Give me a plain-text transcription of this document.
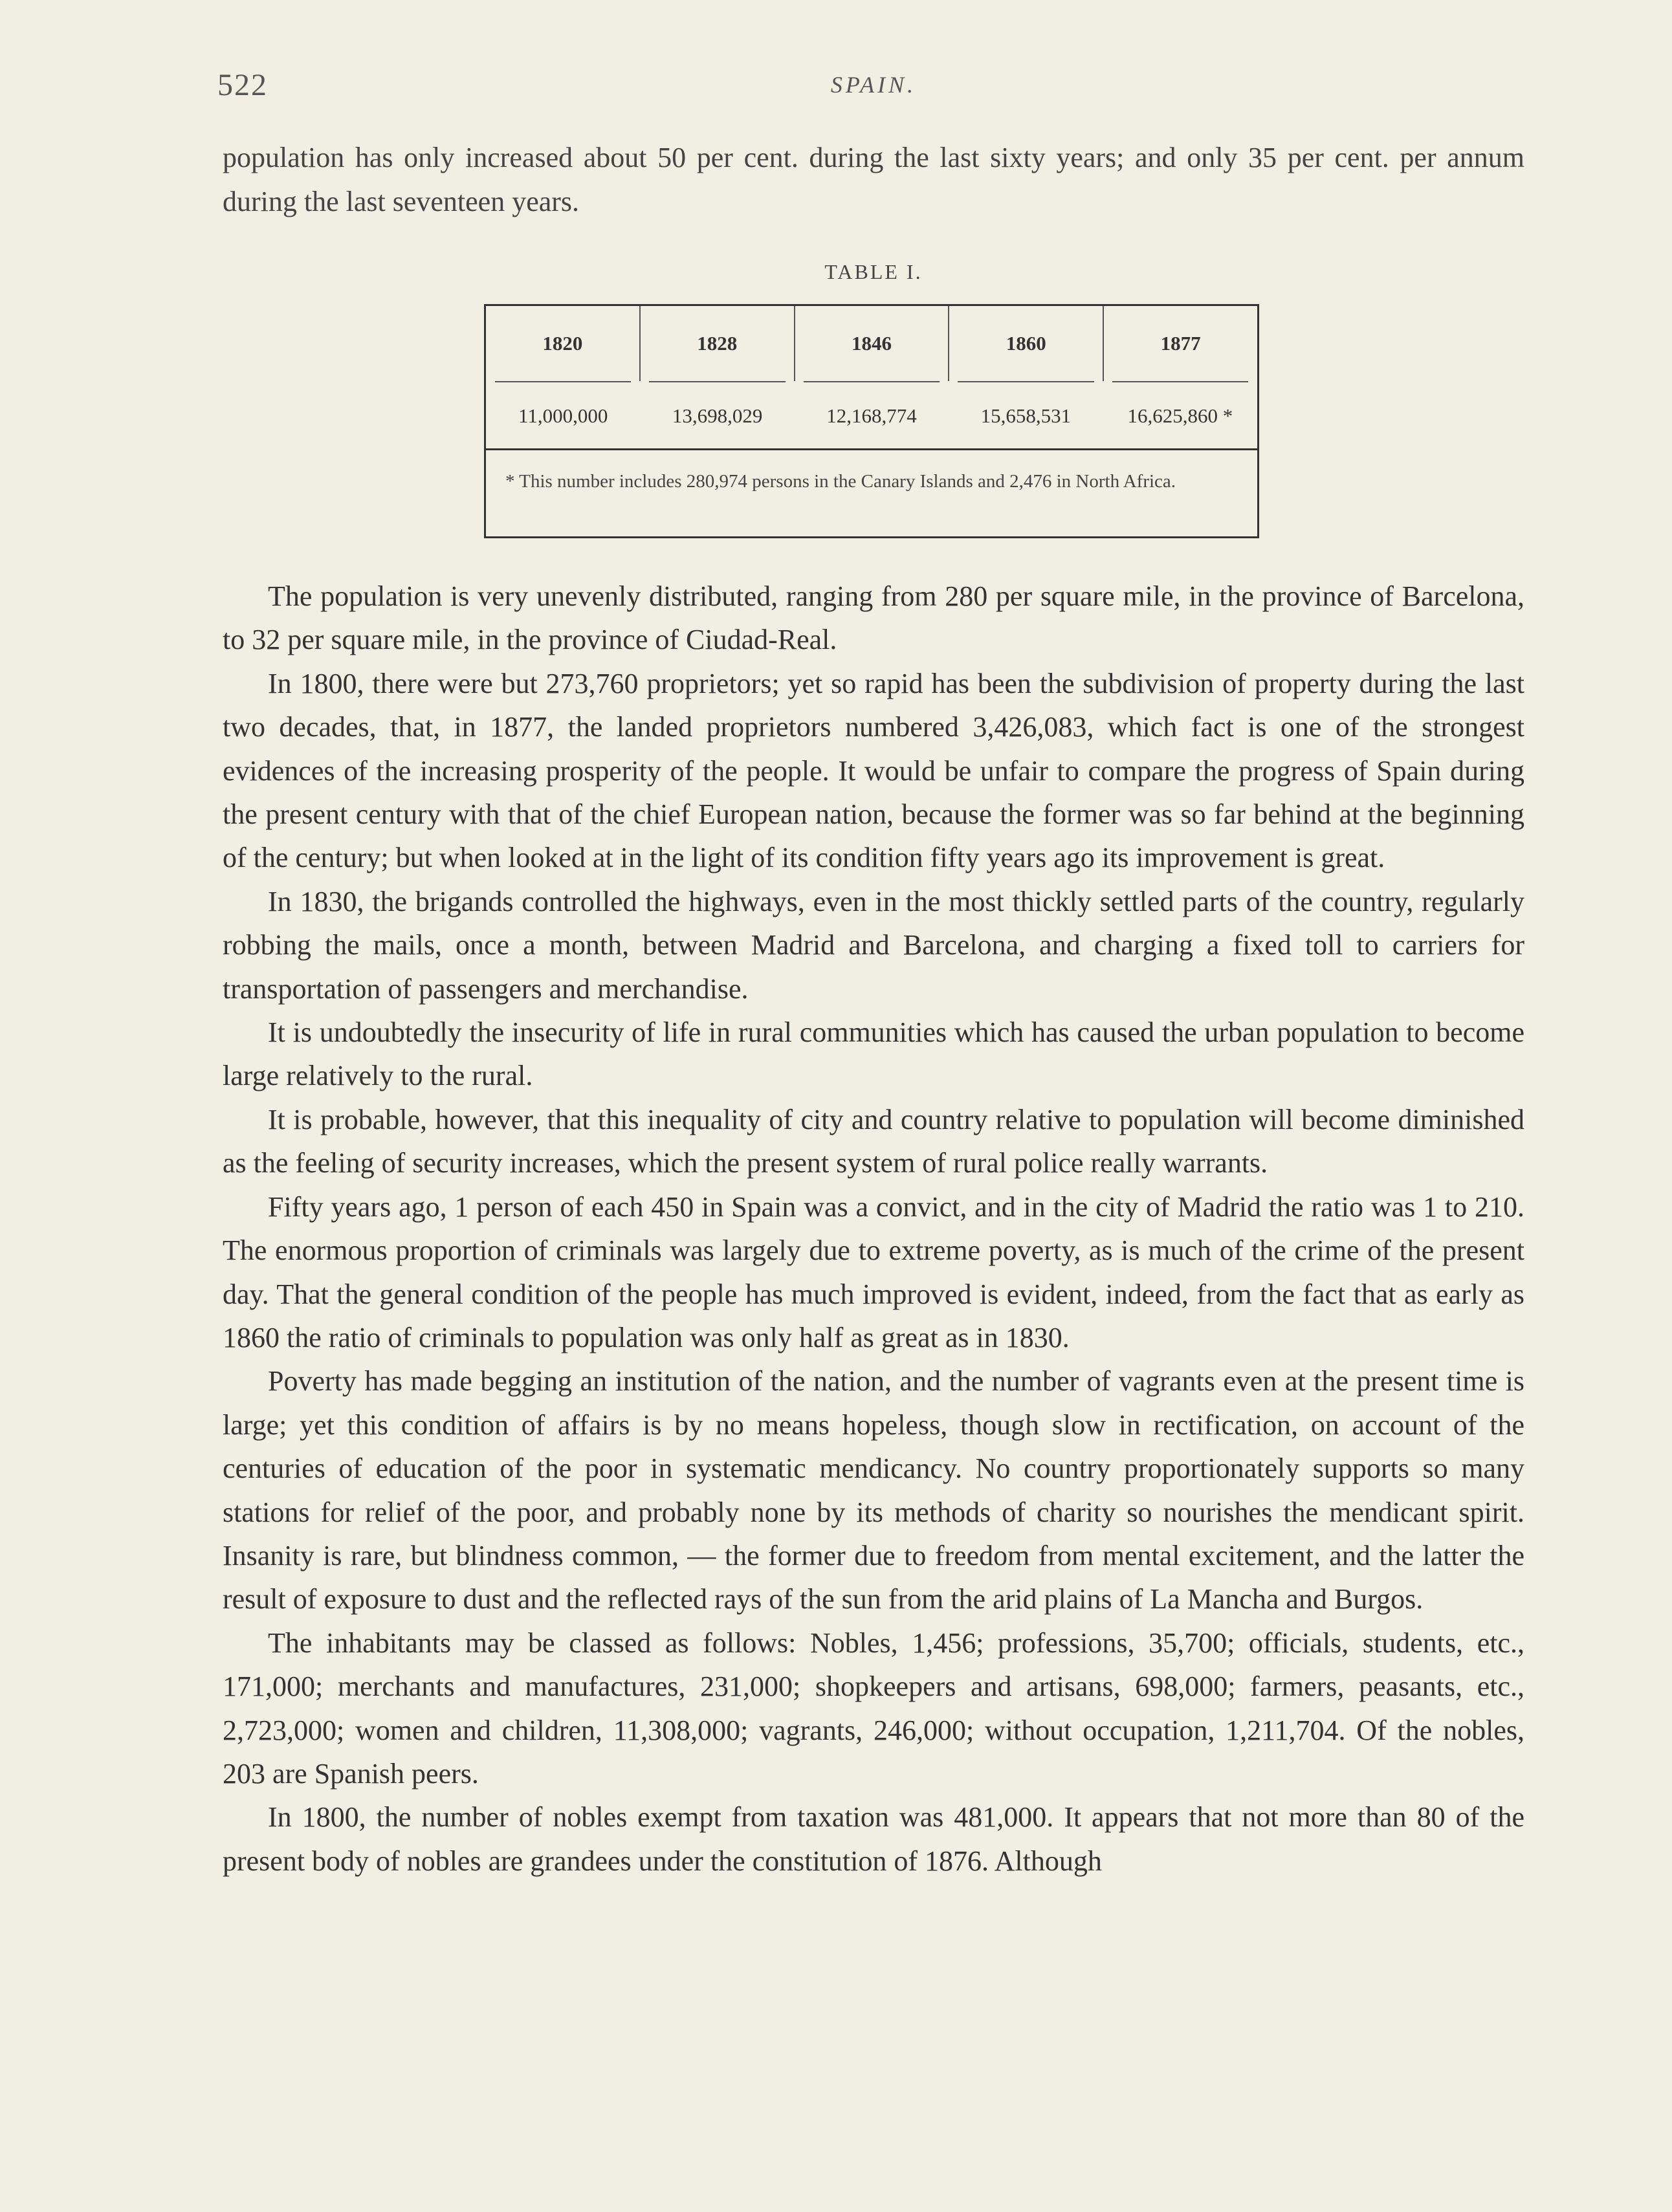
522	SPAIN.

population has only increased about 50 per cent. during the last sixty years; and only 35 per cent. per annum during the last seventeen years.

TABLE I.
1820	1828	1846	1860	1877
11,000,000	13,698,029	12,168,774	15,658,531	16,625,860 *
* This number includes 280,974 persons in the Canary Islands and 2,476 in North Africa.

The population is very unevenly distributed, ranging from 280 per square mile, in the province of Barcelona, to 32 per square mile, in the province of Ciudad-Real.

In 1800, there were but 273,760 proprietors; yet so rapid has been the subdivision of property during the last two decades, that, in 1877, the landed proprietors numbered 3,426,083, which fact is one of the strongest evidences of the increasing prosperity of the people. It would be unfair to compare the progress of Spain during the present century with that of the chief European nation, because the former was so far behind at the beginning of the century; but when looked at in the light of its condition fifty years ago its improvement is great.

In 1830, the brigands controlled the highways, even in the most thickly settled parts of the country, regularly robbing the mails, once a month, between Madrid and Barcelona, and charging a fixed toll to carriers for transportation of passengers and merchandise.

It is undoubtedly the insecurity of life in rural communities which has caused the urban population to become large relatively to the rural.

It is probable, however, that this inequality of city and country relative to population will become diminished as the feeling of security increases, which the present system of rural police really warrants.

Fifty years ago, 1 person of each 450 in Spain was a convict, and in the city of Madrid the ratio was 1 to 210. The enormous proportion of criminals was largely due to extreme poverty, as is much of the crime of the present day. That the general condition of the people has much improved is evident, indeed, from the fact that as early as 1860 the ratio of criminals to population was only half as great as in 1830.

Poverty has made begging an institution of the nation, and the number of vagrants even at the present time is large; yet this condition of affairs is by no means hopeless, though slow in rectification, on account of the centuries of education of the poor in systematic mendicancy. No country proportionately supports so many stations for relief of the poor, and probably none by its methods of charity so nourishes the mendicant spirit. Insanity is rare, but blindness common, — the former due to freedom from mental excitement, and the latter the result of exposure to dust and the reflected rays of the sun from the arid plains of La Mancha and Burgos.

The inhabitants may be classed as follows: Nobles, 1,456; professions, 35,700; officials, students, etc., 171,000; merchants and manufactures, 231,000; shopkeepers and artisans, 698,000; farmers, peasants, etc., 2,723,000; women and children, 11,308,000; vagrants, 246,000; without occupation, 1,211,704. Of the nobles, 203 are Spanish peers.

In 1800, the number of nobles exempt from taxation was 481,000. It appears that not more than 80 of the present body of nobles are grandees under the constitution of 1876. Although
